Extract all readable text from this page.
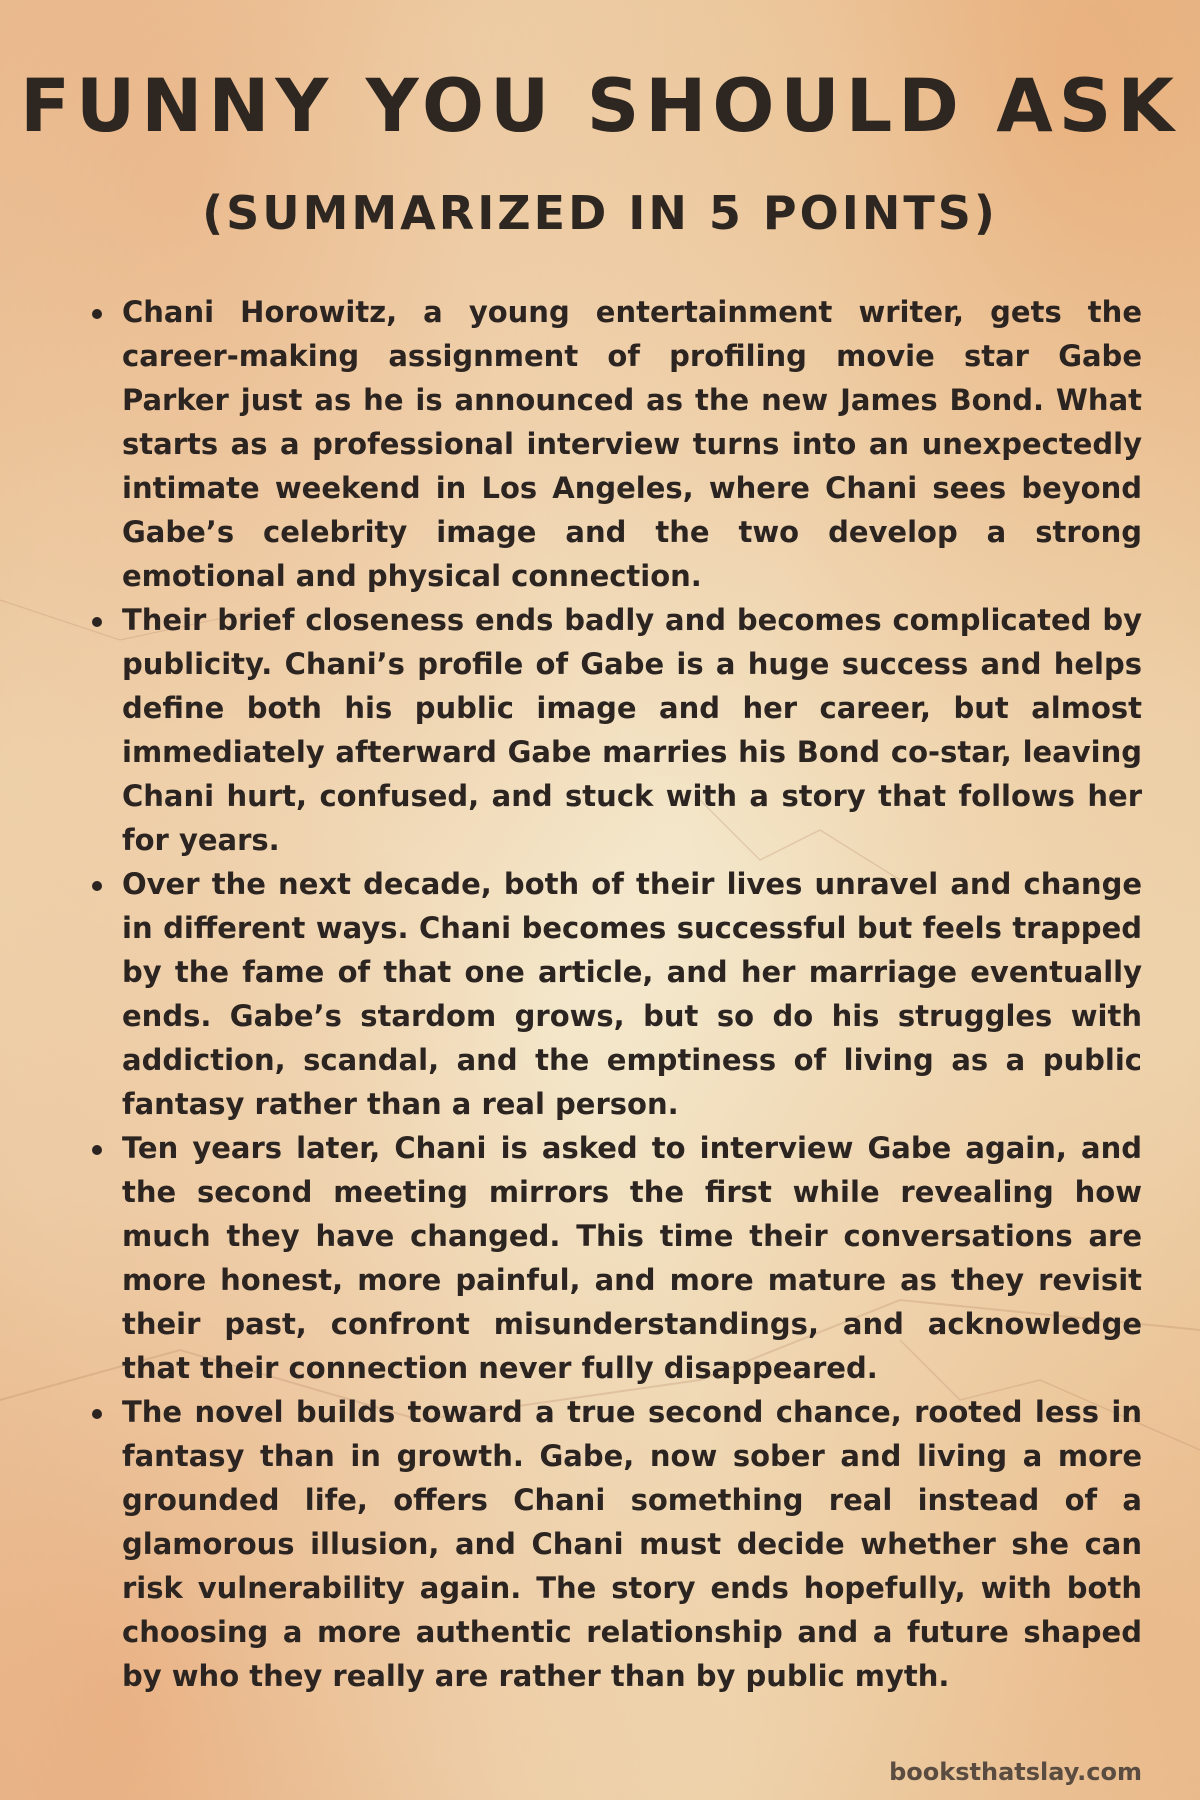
FUNNY YOU SHOULD ASK
(SUMMARIZED IN 5 POINTS)
Chani Horowitz, a young entertainment writer, gets the career-making assignment of profiling movie star Gabe Parker just as he is announced as the new James Bond. What starts as a professional interview turns into an unexpectedly intimate weekend in Los Angeles, where Chani sees beyond Gabe’s celebrity image and the two develop a strong emotional and physical connection.
Their brief closeness ends badly and becomes complicated by publicity. Chani’s profile of Gabe is a huge success and helps define both his public image and her career, but almost immediately afterward Gabe marries his Bond co-star, leaving Chani hurt, confused, and stuck with a story that follows her for years.
Over the next decade, both of their lives unravel and change in different ways. Chani becomes successful but feels trapped by the fame of that one article, and her marriage eventually ends. Gabe’s stardom grows, but so do his struggles with addiction, scandal, and the emptiness of living as a public fantasy rather than a real person.
Ten years later, Chani is asked to interview Gabe again, and the second meeting mirrors the first while revealing how much they have changed. This time their conversations are more honest, more painful, and more mature as they revisit their past, confront misunderstandings, and acknowledge that their connection never fully disappeared.
The novel builds toward a true second chance, rooted less in fantasy than in growth. Gabe, now sober and living a more grounded life, offers Chani something real instead of a glamorous illusion, and Chani must decide whether she can risk vulnerability again. The story ends hopefully, with both choosing a more authentic relationship and a future shaped by who they really are rather than by public myth.
booksthatslay.com
